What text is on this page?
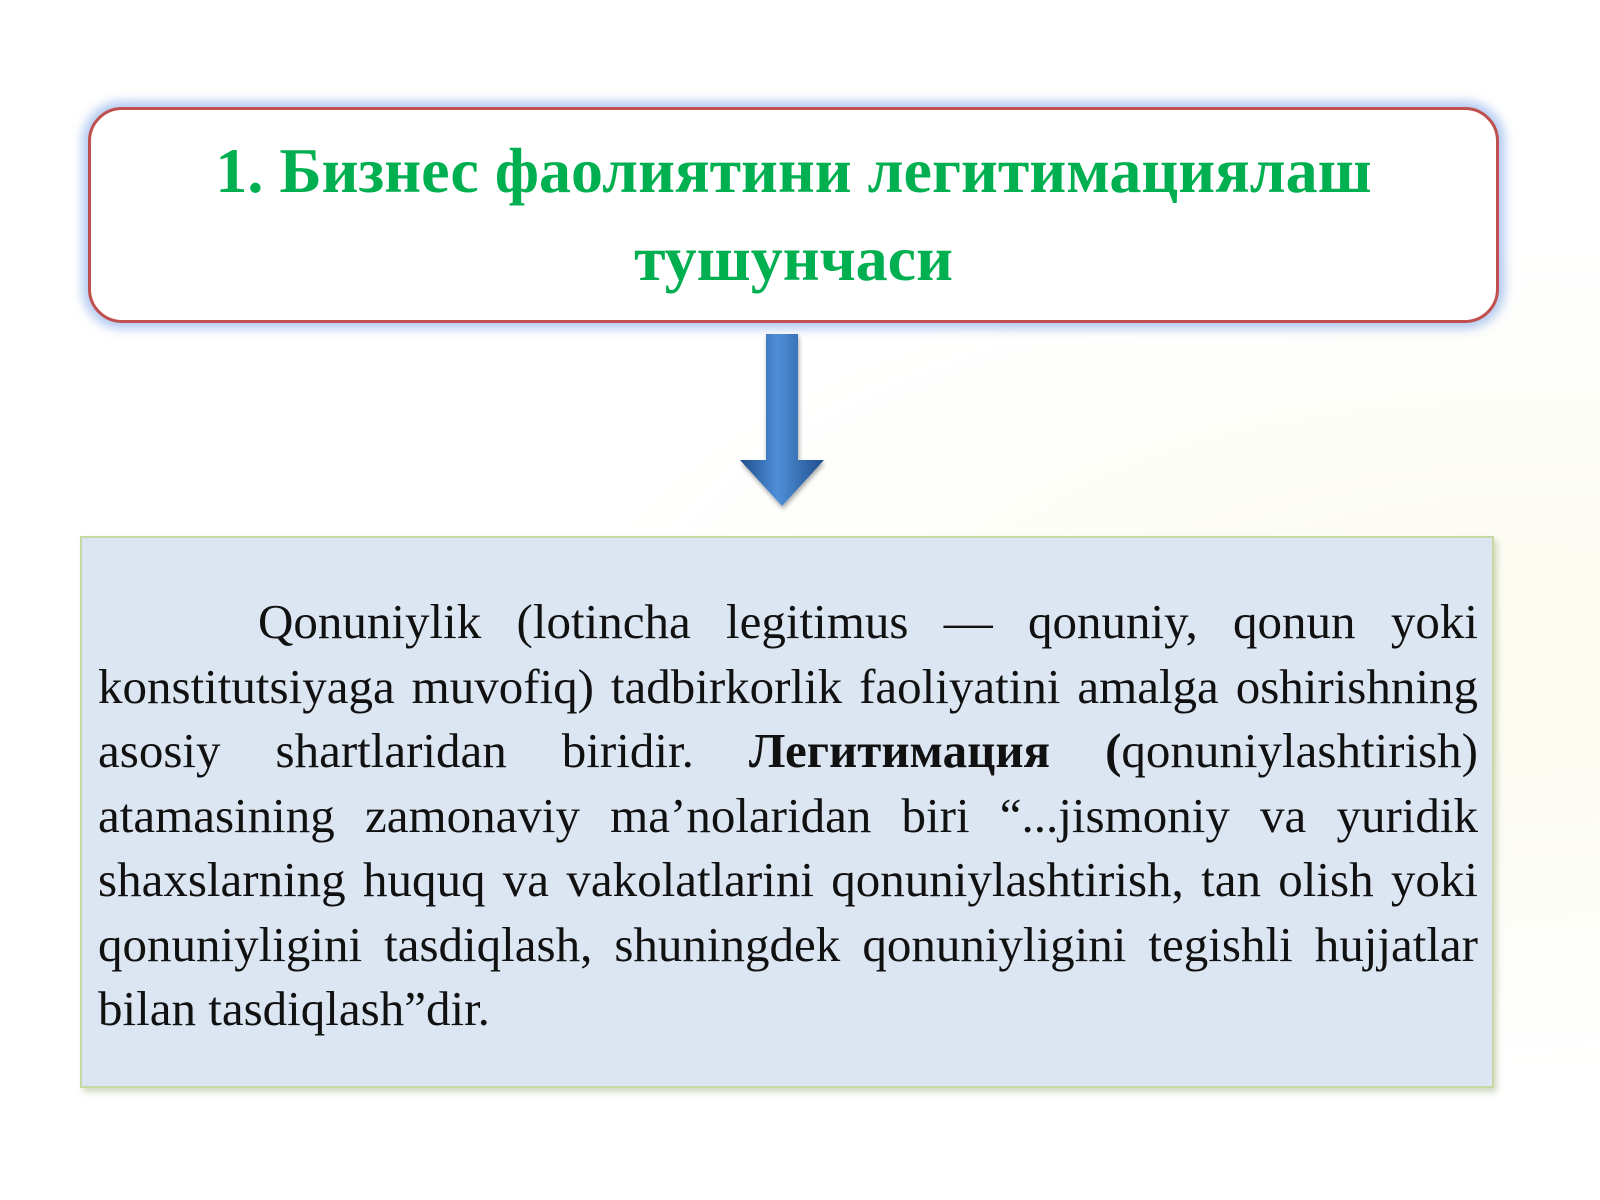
1. Бизнес фаолиятини легитимациялаш тушунчаси

Qonuniylik (lotincha legitimus — qonuniy, qonun yoki konstitutsiyaga muvofiq) tadbirkorlik faoliyatini amalga oshirishning asosiy shartlaridan biridir. Легитимация (qonuniylashtirish) atamasining zamonaviy ma’nolaridan biri “...jismoniy va yuridik shaxslarning huquq va vakolatlarini qonuniylashtirish, tan olish yoki qonuniyligini tasdiqlash, shuningdek qonuniyligini tegishli hujjatlar bilan tasdiqlash”dir.
